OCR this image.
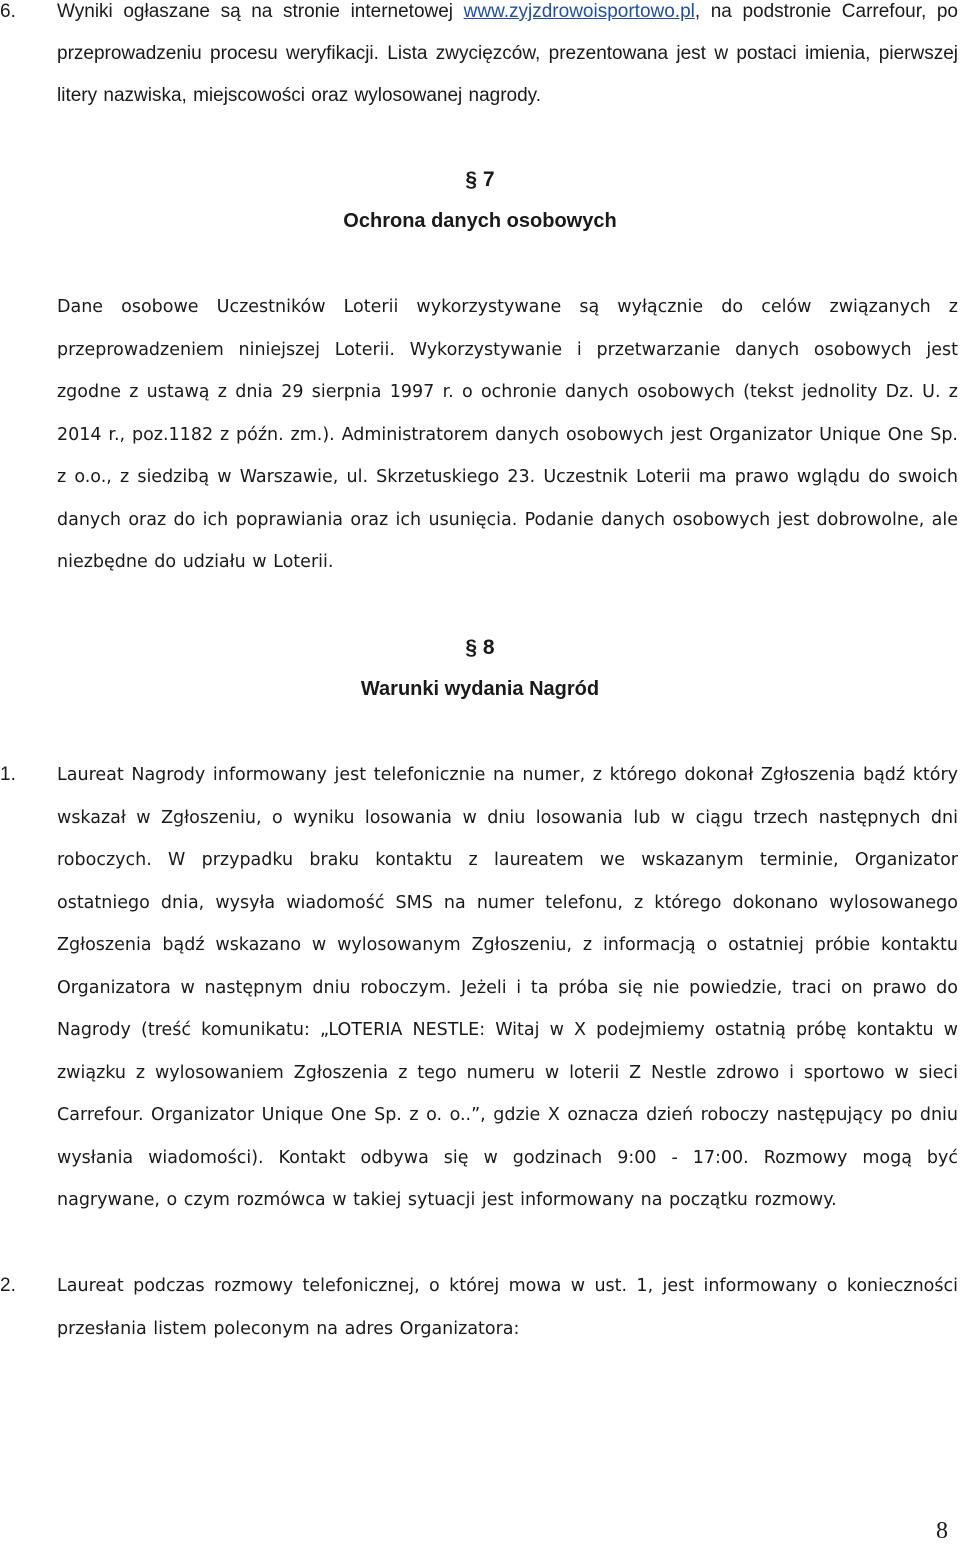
6. Wyniki ogłaszane są na stronie internetowej www.zyjzdrowoisportowo.pl, na podstronie Carrefour, po przeprowadzeniu procesu weryfikacji. Lista zwycięzców, prezentowana jest w postaci imienia, pierwszej litery nazwiska, miejscowości oraz wylosowanej nagrody.
§ 7
Ochrona danych osobowych
Dane osobowe Uczestników Loterii wykorzystywane są wyłącznie do celów związanych z przeprowadzeniem niniejszej Loterii. Wykorzystywanie i przetwarzanie danych osobowych jest zgodne z ustawą z dnia 29 sierpnia 1997 r. o ochronie danych osobowych (tekst jednolity Dz. U. z 2014 r., poz.1182 z późn. zm.). Administratorem danych osobowych jest Organizator Unique One Sp. z o.o., z siedzibą w Warszawie, ul. Skrzetuskiego 23. Uczestnik Loterii ma prawo wglądu do swoich danych oraz do ich poprawiania oraz ich usunięcia. Podanie danych osobowych jest dobrowolne, ale niezbędne do udziału w Loterii.
§ 8
Warunki wydania Nagród
1. Laureat Nagrody informowany jest telefonicznie na numer, z którego dokonał Zgłoszenia bądź który wskazał w Zgłoszeniu, o wyniku losowania w dniu losowania lub w ciągu trzech następnych dni roboczych. W przypadku braku kontaktu z laureatem we wskazanym terminie, Organizator ostatniego dnia, wysyła wiadomość SMS na numer telefonu, z którego dokonano wylosowanego Zgłoszenia bądź wskazano w wylosowanym Zgłoszeniu, z informacją o ostatniej próbie kontaktu Organizatora w następnym dniu roboczym. Jeżeli i ta próba się nie powiedzie, traci on prawo do Nagrody (treść komunikatu: „LOTERIA NESTLE: Witaj w X podejmiemy ostatnią próbę kontaktu w związku z wylosowaniem Zgłoszenia z tego numeru w loterii Z Nestle zdrowo i sportowo w sieci Carrefour. Organizator Unique One Sp. z o. o..”, gdzie X oznacza dzień roboczy następujący po dniu wysłania wiadomości). Kontakt odbywa się w godzinach 9:00 - 17:00. Rozmowy mogą być nagrywane, o czym rozmówca w takiej sytuacji jest informowany na początku rozmowy.
2. Laureat podczas rozmowy telefonicznej, o której mowa w ust. 1, jest informowany o konieczności przesłania listem poleconym na adres Organizatora:
8
